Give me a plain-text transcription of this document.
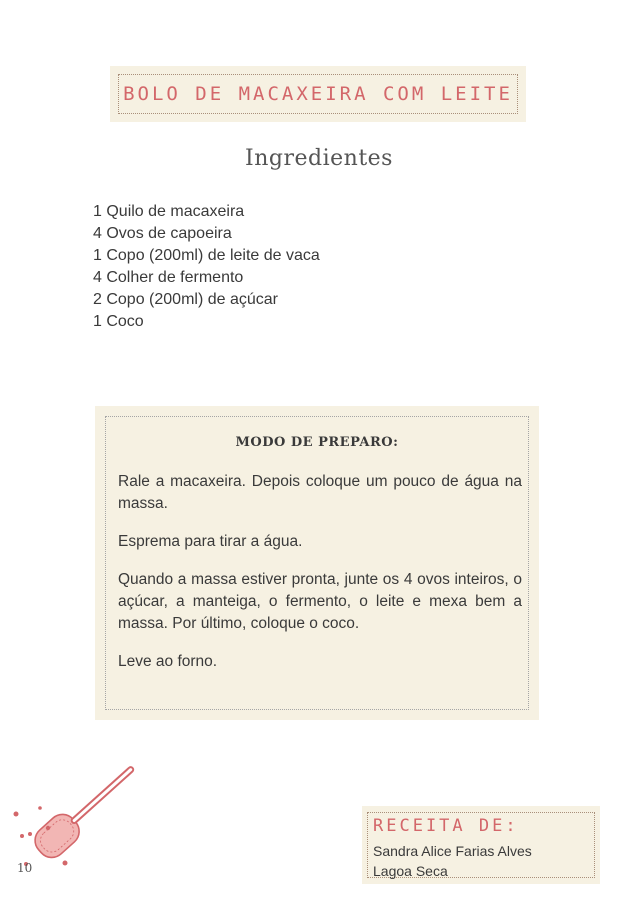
BOLO DE MACAXEIRA COM LEITE
Ingredientes
1 Quilo de macaxeira
4 Ovos de capoeira
1 Copo (200ml) de leite de vaca
4 Colher de fermento
2 Copo (200ml) de açúcar
1 Coco
MODO DE PREPARO:

Rale a macaxeira. Depois coloque um pouco de água na massa.

Esprema para tirar a água.

Quando a massa estiver pronta, junte os 4 ovos inteiros, o açúcar, a manteiga, o fermento, o leite e mexa bem a massa. Por último, coloque o coco.

Leve ao forno.

10
RECEITA DE:
Sandra Alice Farias Alves
Lagoa Seca
